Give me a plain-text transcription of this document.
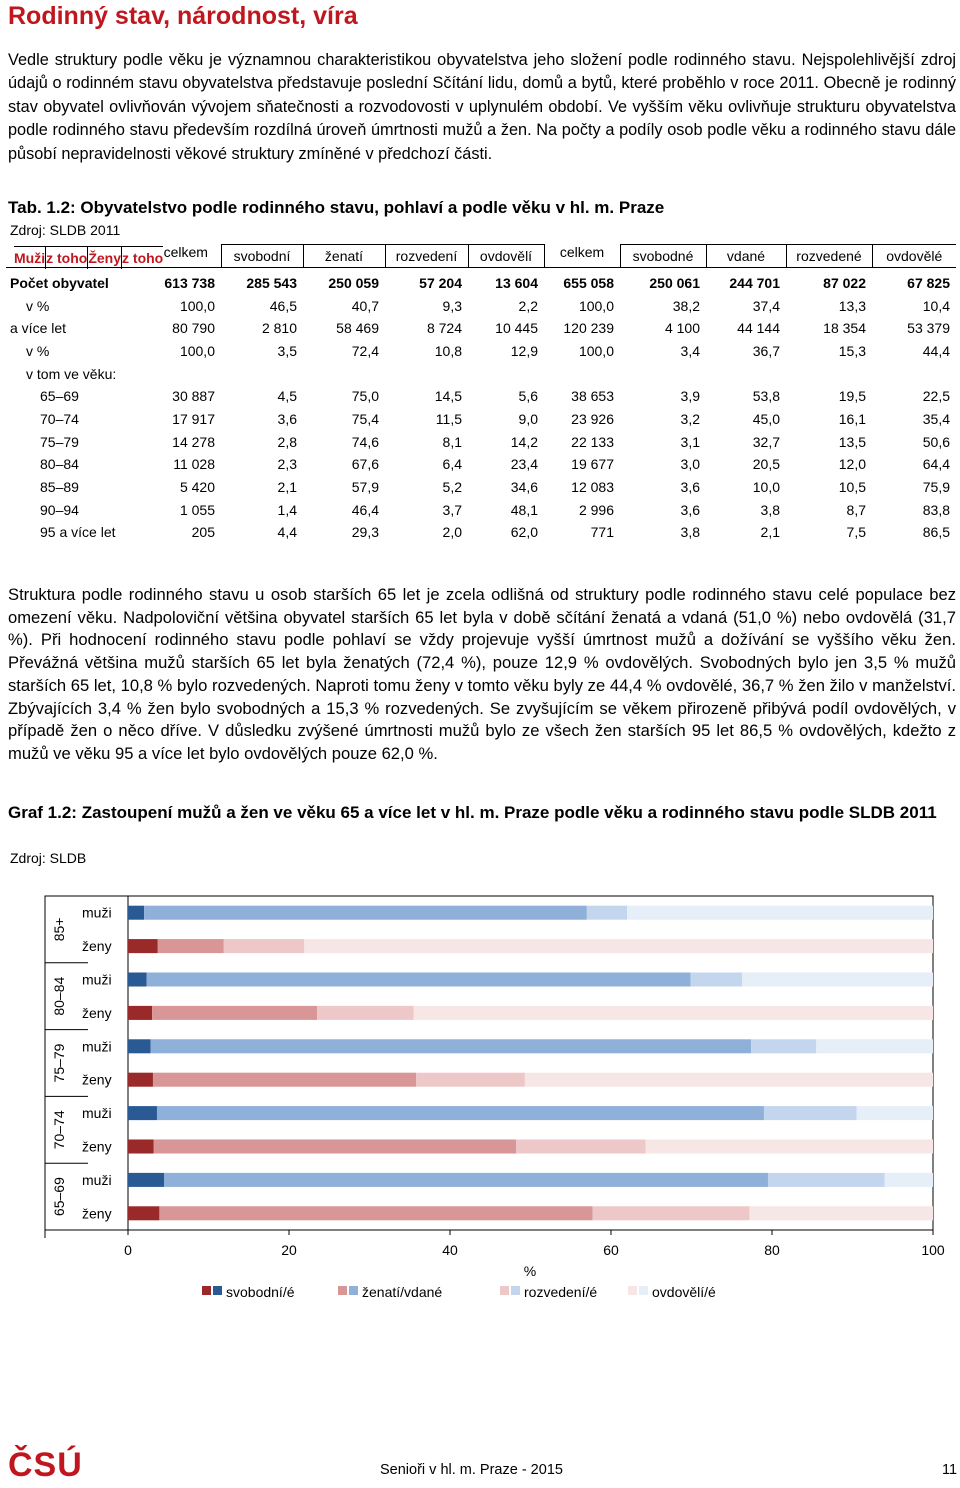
Rodinný stav, národnost, víra
Vedle struktury podle věku je významnou charakteristikou obyvatelstva jeho složení podle rodinného stavu. Nejspolehlivější zdroj údajů o rodinném stavu obyvatelstva představuje poslední Sčítání lidu, domů a bytů, které proběhlo v roce 2011. Obecně je rodinný stav obyvatel ovlivňován vývojem sňatečnosti a rozvodovosti v uplynulém období. Ve vyšším věku ovlivňuje strukturu obyvatelstva podle rodinného stavu především rozdílná úroveň úmrtnosti mužů a žen. Na počty a podíly osob podle věku a rodinného stavu dále působí nepravidelnosti věkové struktury zmíněné v předchozí části.
Tab. 1.2: Obyvatelstvo podle rodinného stavu, pohlaví a podle věku v hl. m. Praze
Zdroj: SLDB 2011
	Muži	z toho	Ženy	z toho
	celkem	svobodní	ženatí	rozvedení	ovdovělí	celkem	svobodné	vdané	rozvedené	ovdovělé
Počet obyvatel	613 738	285 543	250 059	57 204	13 604	655 058	250 061	244 701	87 022	67 825
v %	100,0	46,5	40,7	9,3	2,2	100,0	38,2	37,4	13,3	10,4
a více let	80 790	2 810	58 469	8 724	10 445	120 239	4 100	44 144	18 354	53 379
v %	100,0	3,5	72,4	10,8	12,9	100,0	3,4	36,7	15,3	44,4
v tom ve věku:										
65–69	30 887	4,5	75,0	14,5	5,6	38 653	3,9	53,8	19,5	22,5
70–74	17 917	3,6	75,4	11,5	9,0	23 926	3,2	45,0	16,1	35,4
75–79	14 278	2,8	74,6	8,1	14,2	22 133	3,1	32,7	13,5	50,6
80–84	11 028	2,3	67,6	6,4	23,4	19 677	3,0	20,5	12,0	64,4
85–89	5 420	2,1	57,9	5,2	34,6	12 083	3,6	10,0	10,5	75,9
90–94	1 055	1,4	46,4	3,7	48,1	2 996	3,6	3,8	8,7	83,8
95 a více let	205	4,4	29,3	2,0	62,0	771	3,8	2,1	7,5	86,5
Struktura podle rodinného stavu u osob starších 65 let je zcela odlišná od struktury podle rodinného stavu celé populace bez omezení věku. Nadpoloviční většina obyvatel starších 65 let byla v době sčítání ženatá a vdaná (51,0 %) nebo ovdovělá (31,7 %). Při hodnocení rodinného stavu podle pohlaví se vždy projevuje vyšší úmrtnost mužů a dožívání se vyššího věku žen. Převážná většina mužů starších 65 let byla ženatých (72,4 %), pouze 12,9 % ovdovělých. Svobodných bylo jen 3,5 % mužů starších 65 let, 10,8 % bylo rozvedených. Naproti tomu ženy v tomto věku byly ze 44,4 % ovdovělé, 36,7 % žen žilo v manželství. Zbývajících 3,4 % žen bylo svobodných a 15,3 % rozvedených. Se zvyšujícím se věkem přirozeně přibývá podíl ovdovělých, v případě žen o něco dříve. V důsledku zvýšené úmrtnosti mužů bylo ze všech žen starších 95 let 86,5 % ovdovělých, kdežto z mužů ve věku 95 a více let bylo ovdovělých pouze 62,0 %.
Graf 1.2: Zastoupení mužů a žen ve věku 65 a více let v hl. m. Praze podle věku a rodinného stavu podle SLDB 2011
Zdroj: SLDB
85+
80–84
75–79
70–74
65–69
muži
ženy
muži
ženy
muži
ženy
muži
ženy
muži
ženy
0	20	40	60	80	100
%
svobodní/é	ženatí/vdané	rozvedení/é	ovdovělí/é
ČSÚ	Senioři v hl. m. Praze - 2015	11
